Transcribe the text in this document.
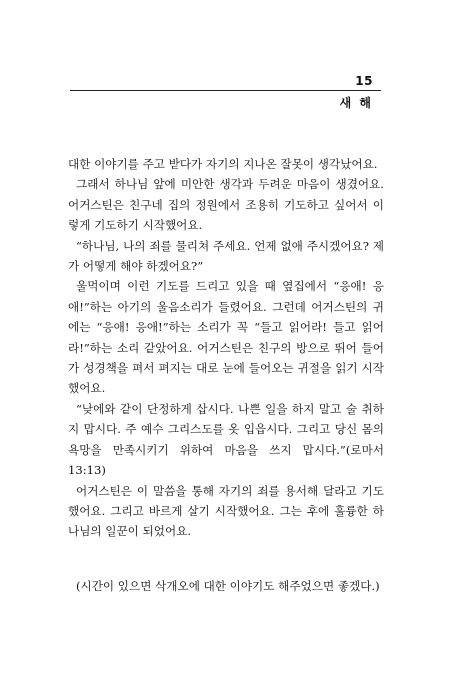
15
새 해

대한 이야기를 주고 받다가 자기의 지나온 잘못이 생각났어요.

그래서 하나님 앞에 미안한 생각과 두려운 마음이 생겼어요. 어거스틴은 친구네 집의 정원에서 조용히 기도하고 싶어서 이렇게 기도하기 시작했어요.

“하나님, 나의 죄를 물리쳐 주세요. 언제 없애 주시겠어요? 제가 어떻게 해야 하겠어요?”

울먹이며 이런 기도를 드리고 있을 때 옆집에서 “응애! 응애!”하는 아기의 울음소리가 들렸어요. 그런데 어거스틴의 귀에는 “응애! 응애!”하는 소리가 꼭 “들고 읽어라! 들고 읽어라!”하는 소리 같았어요. 어거스틴은 친구의 방으로 뛰어 들어가 성경책을 펴서 펴지는 대로 눈에 들어오는 귀절을 읽기 시작했어요.

“낮에와 같이 단정하게 삽시다. 나쁜 일을 하지 말고 술 취하지 맙시다. 주 예수 그리스도를 옷 입읍시다. 그리고 당신 몸의 욕망을 만족시키기 위하여 마음을 쓰지 맙시다.”(로마서 13:13)

어거스틴은 이 말씀을 통해 자기의 죄를 용서해 달라고 기도했어요. 그리고 바르게 살기 시작했어요. 그는 후에 훌륭한 하나님의 일꾼이 되었어요.

(시간이 있으면 삭개오에 대한 이야기도 해주었으면 좋겠다.)
